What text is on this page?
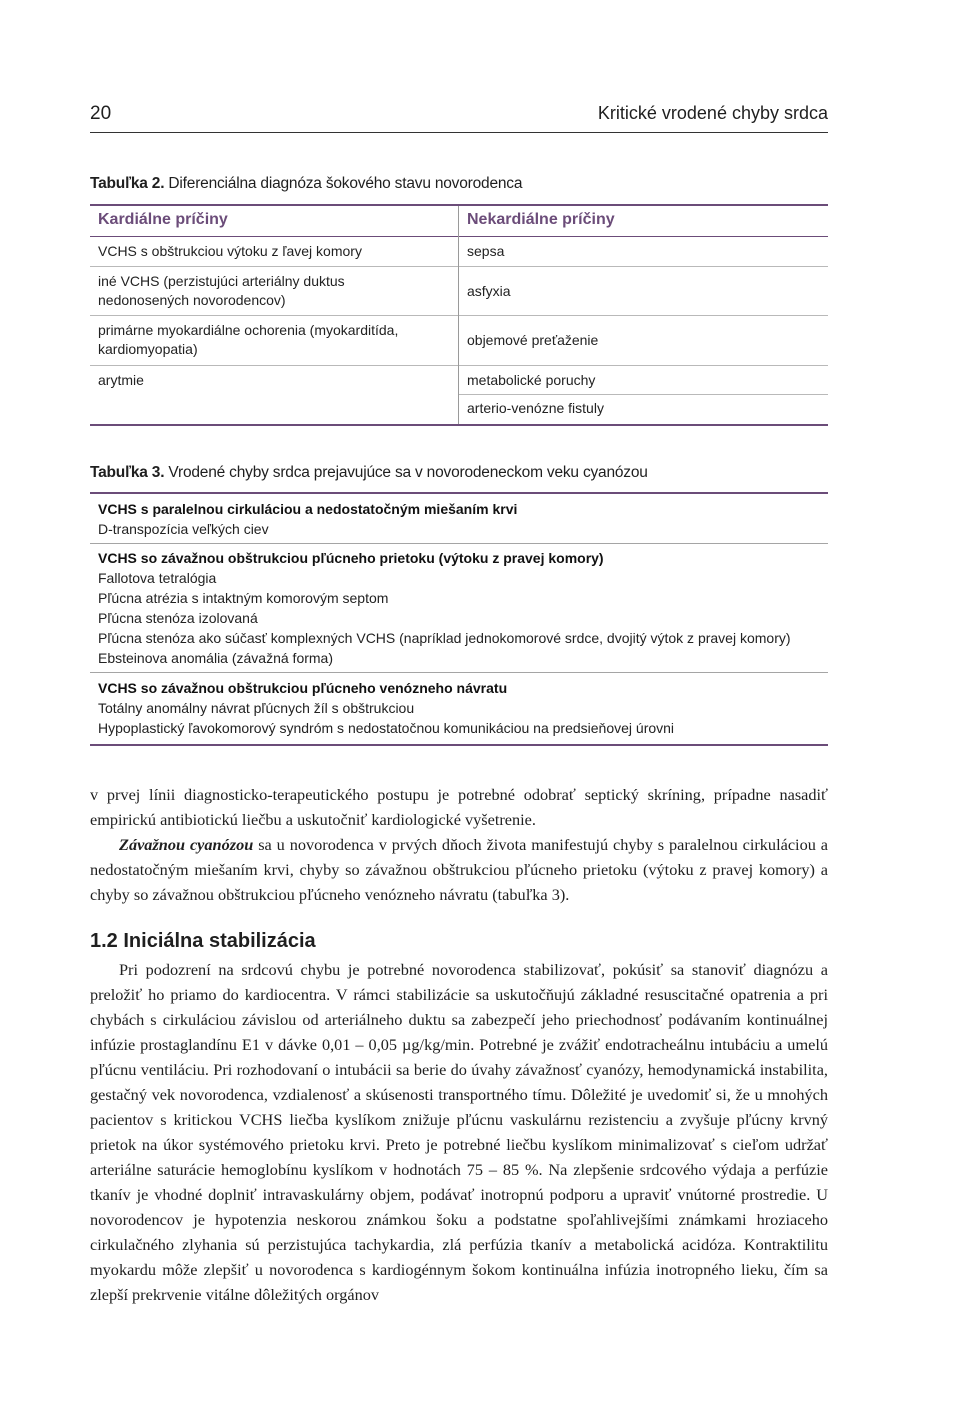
20	Kritické vrodené chyby srdca
Tabuľka 2. Diferenciálna diagnóza šokového stavu novorodenca
Kardiálne príčiny
VCHS s obštrukciou výtoku z ľavej komory
iné VCHS (perzistujúci arteriálny duktus nedonosených novorodencov)
primárne myokardiálne ochorenia (myokarditída, kardiomyopatia)
arytmie
Nekardiálne príčiny
sepsa
asfyxia
objemové preťaženie
metabolické poruchy
arterio-venózne fistuly
Tabuľka 3. Vrodené chyby srdca prejavujúce sa v novorodeneckom veku cyanózou
VCHS s paralelnou cirkuláciou a nedostatočným miešaním krvi
D-transpozícia veľkých ciev
VCHS so závažnou obštrukciou pľúcneho prietoku (výtoku z pravej komory)
Fallotova tetralógia
Pľúcna atrézia s intaktným komorovým septom
Pľúcna stenóza izolovaná
Pľúcna stenóza ako súčasť komplexných VCHS (napríklad jednokomorové srdce, dvojitý výtok z pravej komory)
Ebsteinova anomália (závažná forma)
VCHS so závažnou obštrukciou pľúcneho venózneho návratu
Totálny anomálny návrat pľúcnych žíl s obštrukciou
Hypoplastický ľavokomorový syndróm s nedostatočnou komunikáciou na predsieňovej úrovni

v prvej línii diagnosticko-terapeutického postupu je potrebné odobrať septický skríning, prípadne nasadiť empirickú antibiotickú liečbu a uskutočniť kardiologické vyšetrenie.

Závažnou cyanózou sa u novorodenca v prvých dňoch života manifestujú chyby s paralelnou cirkuláciou a nedostatočným miešaním krvi, chyby so závažnou obštrukciou pľúcneho prietoku (výtoku z pravej komory) a chyby so závažnou obštrukciou pľúcneho venózneho návratu (tabuľka 3).

1.2 Iniciálna stabilizácia

Pri podozrení na srdcovú chybu je potrebné novorodenca stabilizovať, pokúsiť sa stanoviť diagnózu a preložiť ho priamo do kardiocentra. V rámci stabilizácie sa uskutočňujú základné resuscitačné opatrenia a pri chybách s cirkuláciou závislou od arteriálneho duktu sa zabezpečí jeho priechodnosť podávaním kontinuálnej infúzie prostaglandínu E1 v dávke 0,01 – 0,05 µg/kg/min. Potrebné je zvážiť endotracheálnu intubáciu a umelú pľúcnu ventiláciu. Pri rozhodovaní o intubácii sa berie do úvahy závažnosť cyanózy, hemodynamická instabilita, gestačný vek novorodenca, vzdialenosť a skúsenosti transportného tímu. Dôležité je uvedomiť si, že u mnohých pacientov s kritickou VCHS liečba kyslíkom znižuje pľúcnu vaskulárnu rezistenciu a zvyšuje pľúcny krvný prietok na úkor systémového prietoku krvi. Preto je potrebné liečbu kyslíkom minimalizovať s cieľom udržať arteriálne saturácie hemoglobínu kyslíkom v hodnotách 75 – 85 %. Na zlepšenie srdcového výdaja a perfúzie tkanív je vhodné doplniť intravaskulárny objem, podávať inotropnú podporu a upraviť vnútorné prostredie. U novorodencov je hypotenzia neskorou známkou šoku a podstatne spoľahlivejšími známkami hroziaceho cirkulačného zlyhania sú perzistujúca tachykardia, zlá perfúzia tkanív a metabolická acidóza. Kontraktilitu myokardu môže zlepšiť u novorodenca s kardiogénnym šokom kontinuálna infúzia inotropného lieku, čím sa zlepší prekrvenie vitálne dôležitých orgánov
